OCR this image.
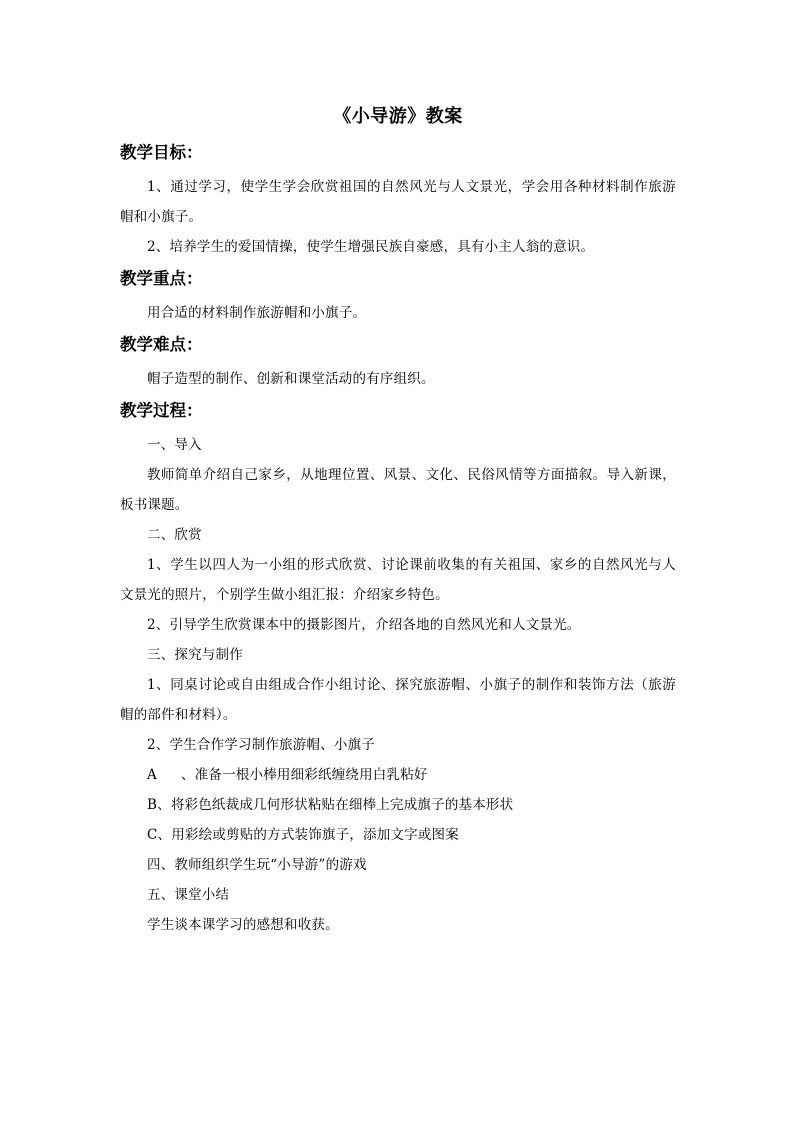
《小导游》教案
教学目标：

1、通过学习，使学生学会欣赏祖国的自然风光与人文景光，学会用各种材料制作旅游帽和小旗子。

2、培养学生的爱国情操，使学生增强民族自豪感，具有小主人翁的意识。

教学重点：

用合适的材料制作旅游帽和小旗子。

教学难点：

帽子造型的制作、创新和课堂活动的有序组织。

教学过程：

一、导入

教师简单介绍自己家乡，从地理位置、风景、文化、民俗风情等方面描叙。导入新课，板书课题。

二、欣赏

1、学生以四人为一小组的形式欣赏、讨论课前收集的有关祖国、家乡的自然风光与人文景光的照片，个别学生做小组汇报：介绍家乡特色。

2、引导学生欣赏课本中的摄影图片，介绍各地的自然风光和人文景光。

三、探究与制作

1、同桌讨论或自由组成合作小组讨论、探究旅游帽、小旗子的制作和装饰方法（旅游帽的部件和材料）。

2、学生合作学习制作旅游帽、小旗子

A 、准备一根小棒用细彩纸缠绕用白乳粘好

B、将彩色纸裁成几何形状粘贴在细棒上完成旗子的基本形状

C、用彩绘或剪贴的方式装饰旗子，添加文字或图案

四、教师组织学生玩“小导游”的游戏

五、课堂小结

学生谈本课学习的感想和收获。
